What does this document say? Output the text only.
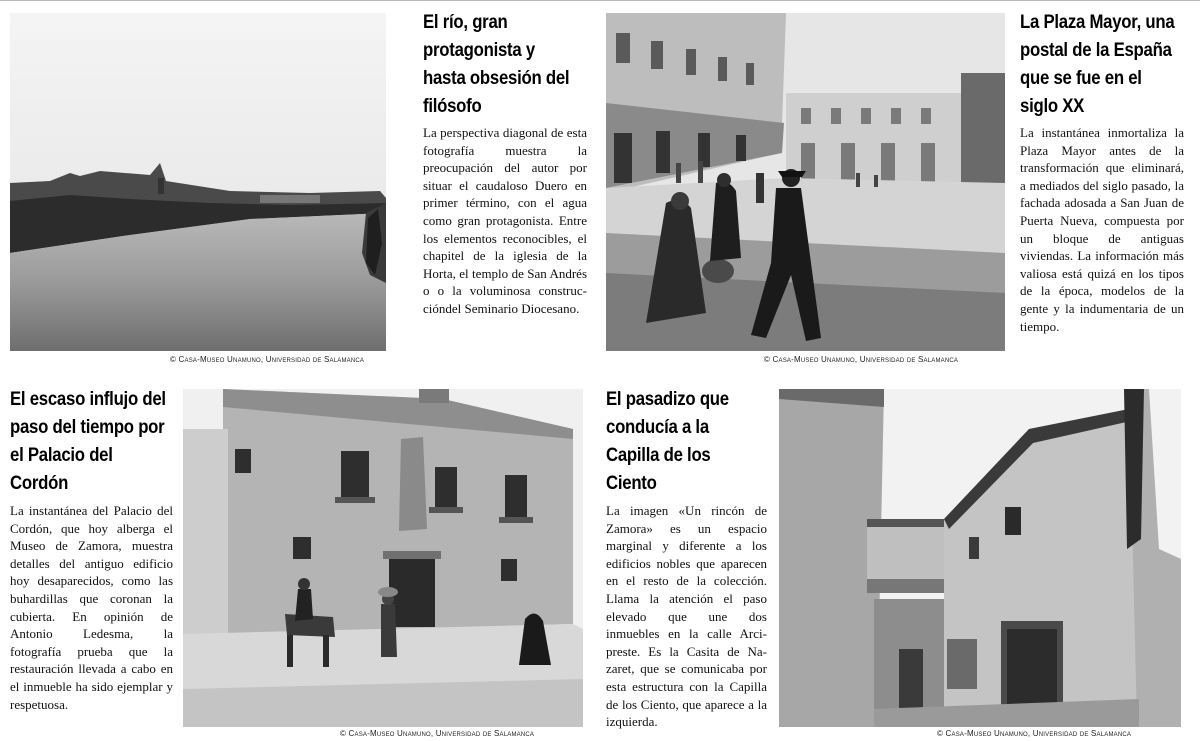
© Casa-Museo Unamuno, Universidad de Salamanca
El río, gran protagonista y hasta obsesión del filósofo

La perspectiva diagonal de esta fotografía muestra la preocupación del autor por situar el caudaloso Duero en primer término, con el agua como gran protagonista. Entre los elementos reconocibles, el chapitel de la iglesia de la Horta, el templo de San Andrés o o la voluminosa construccióndel Seminario Diocesano.

© Casa-Museo Unamuno, Universidad de Salamanca
La Plaza Mayor, una postal de la España que se fue en el siglo XX

La instantánea inmortaliza la Plaza Mayor antes de la transformación que eliminará, a mediados del siglo pasado, la fachada adosada a San Juan de Puerta Nueva, compuesta por un bloque de antiguas viviendas. La información más valiosa está quizá en los tipos de la época, modelos de la gente y la indumentaria de un tiempo.

El escaso influjo del paso del tiempo por el Palacio del Cordón

La instantánea del Palacio del Cordón, que hoy alberga el Museo de Zamora, muestra detalles del antiguo edificio hoy desaparecidos, como las buhardillas que coronan la cubierta. En opinión de Antonio Ledesma, la fotografía prueba que la restauración llevada a cabo en el inmueble ha sido ejemplar y respetuosa.

© Casa-Museo Unamuno, Universidad de Salamanca
El pasadizo que conducía a la Capilla de los Ciento

La imagen «Un rincón de Zamora» es un espacio marginal y diferente a los edificios nobles que aparecen en el resto de la colección. Llama la atención el paso elevado que une dos inmuebles en la calle Arcipreste. Es la Casita de Nazaret, que se comunicaba por esta estructura con la Capilla de los Ciento, que aparece a la izquierda.

© Casa-Museo Unamuno, Universidad de Salamanca
